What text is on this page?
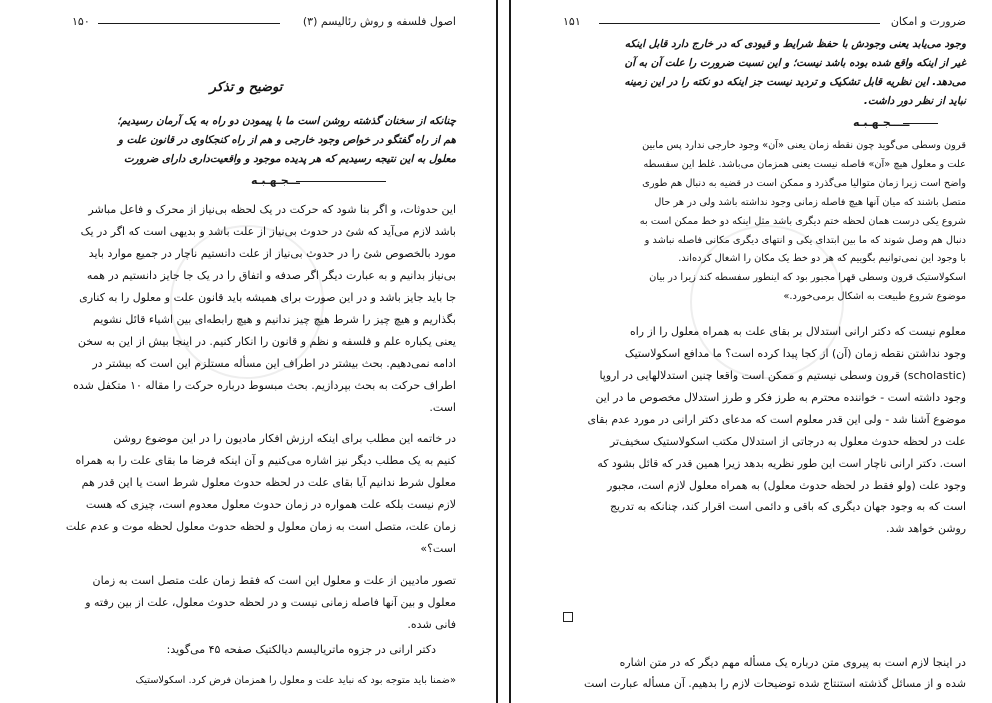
ضرورت و امکان
۱۵۱

وجود می‌یابد یعنی وجودش با حفظ شرایط و قیودی که در خارج دارد قابل اینکه

غیر از اینکه واقع شده بوده باشد نیست؛ و این نسبت ضرورت را علت آن به آن

می‌دهد. این نظریه قابل تشکیک و تردید نیست جز اینکه دو نکته را در این زمینه

نباید از نظر دور داشت.

ـــــجـهـبـه

قرون وسطی می‌گوید چون نقطه زمان یعنی «آن» وجود خارجی ندارد پس مابین

علت و معلول هیچ «آن» فاصله نیست یعنی همزمان می‌باشد. غلط این سفسطه

واضح است زیرا زمان متوالیا می‌گذرد و ممکن است در قضیه به دنبال هم طوری

متصل باشند که میان آنها هیچ فاصله زمانی وجود نداشته باشد ولی در هر حال

شروع یکی درست همان لحظه ختم دیگری باشد مثل اینکه دو خط ممکن است به

دنبال هم وصل شوند که ما بین ابتدای یکی و انتهای دیگری مکانی فاصله نباشد و

با وجود این نمی‌توانیم بگوییم که هر دو خط یک مکان را اشغال کرده‌اند.

اسکولاستیک قرون وسطی قهرا مجبور بود که اینطور سفسطه کند زیرا در بیان

موضوع شروع طبیعت به اشکال برمی‌خورد.»

معلوم نیست که دکتر ارانی استدلال بر بقای علت به همراه معلول را از راه

وجود نداشتن نقطه زمان (آن) از کجا پیدا کرده است؟ ما مدافع اسکولاستیک

(scholastic) قرون وسطی نیستیم و ممکن است واقعا چنین استدلالهایی در اروپا

وجود داشته است - خواننده محترم به طرز فکر و طرز استدلال مخصوص ما در این

موضوع آشنا شد - ولی این قدر معلوم است که مدعای دکتر ارانی در مورد عدم بقای

علت در لحظه حدوث معلول به درجاتی از استدلال مکتب اسکولاستیک سخیف‌تر

است. دکتر ارانی ناچار است این طور نظریه بدهد زیرا همین قدر که قائل بشود که

وجود علت (ولو فقط در لحظه حدوث معلول) به همراه معلول لازم است، مجبور

است که به وجود جهان دیگری که باقی و دائمی است اقرار کند، چنانکه به تدریج

روشن خواهد شد.

در اینجا لازم است به پیروی متن درباره یک مسأله مهم دیگر که در متن اشاره

شده و از مسائل گذشته استنتاج شده توضیحات لازم را بدهیم. آن مسأله عبارت است

اصول فلسفه و روش رئالیسم (۳)
۱۵۰
توضیح و تذکر

چنانکه از سخنان گذشته روشن است ما با پیمودن دو راه به یک آرمان رسیدیم؛

هم از راه گفتگو در خواص وجود خارجی و هم از راه کنجکاوی در قانون علت و

معلول به این نتیجه رسیدیم که هر پدیده موجود و واقعیت‌داری دارای ضرورت

ـــجـهـبـه

این حدوثات، و اگر بنا شود که حرکت در یک لحظه بی‌نیاز از محرک و فاعل مباشر

باشد لازم می‌آید که شئ در حدوث بی‌نیاز از علت باشد و بدیهی است که اگر در یک

مورد بالخصوص شئ را در حدوث بی‌نیاز از علت دانستیم ناچار در جمیع موارد باید

بی‌نیاز بدانیم و به عبارت دیگر اگر صدفه و اتفاق را در یک جا جایز دانستیم در همه

جا باید جایز باشد و در این صورت برای همیشه باید قانون علت و معلول را به کناری

بگذاریم و هیچ چیز را شرط هیچ چیز ندانیم و هیچ رابطه‌ای بین اشیاء قائل نشویم

یعنی یکباره علم و فلسفه و نظم و قانون را انکار کنیم. در اینجا بیش از این به سخن

ادامه نمی‌دهیم. بحث بیشتر در اطراف این مسأله مستلزم این است که بیشتر در

اطراف حرکت به بحث بپردازیم. بحث مبسوط درباره حرکت را مقاله ۱۰ متکفل شده

است.

در خاتمه این مطلب برای اینکه ارزش افکار مادیون را در این موضوع روشن

کنیم به یک مطلب دیگر نیز اشاره می‌کنیم و آن اینکه فرضا ما بقای علت را به همراه

معلول شرط ندانیم آیا بقای علت در لحظه حدوث معلول شرط است یا این قدر هم

لازم نیست بلکه علت همواره در زمان حدوث معلول معدوم است، چیزی که هست

زمان علت، متصل است به زمان معلول و لحظه حدوث معلول لحظه موت و عدم علت

است؟»

تصور مادیین از علت و معلول این است که فقط زمان علت متصل است به زمان

معلول و بین آنها فاصله زمانی نیست و در لحظه حدوث معلول، علت از بین رفته و

فانی شده.

دکتر ارانی در جزوه ماتریالیسم دیالکتیک صفحه ۴۵ می‌گوید:
«ضمنا باید متوجه بود که نباید علت و معلول را همزمان فرض کرد. اسکولاستیک
